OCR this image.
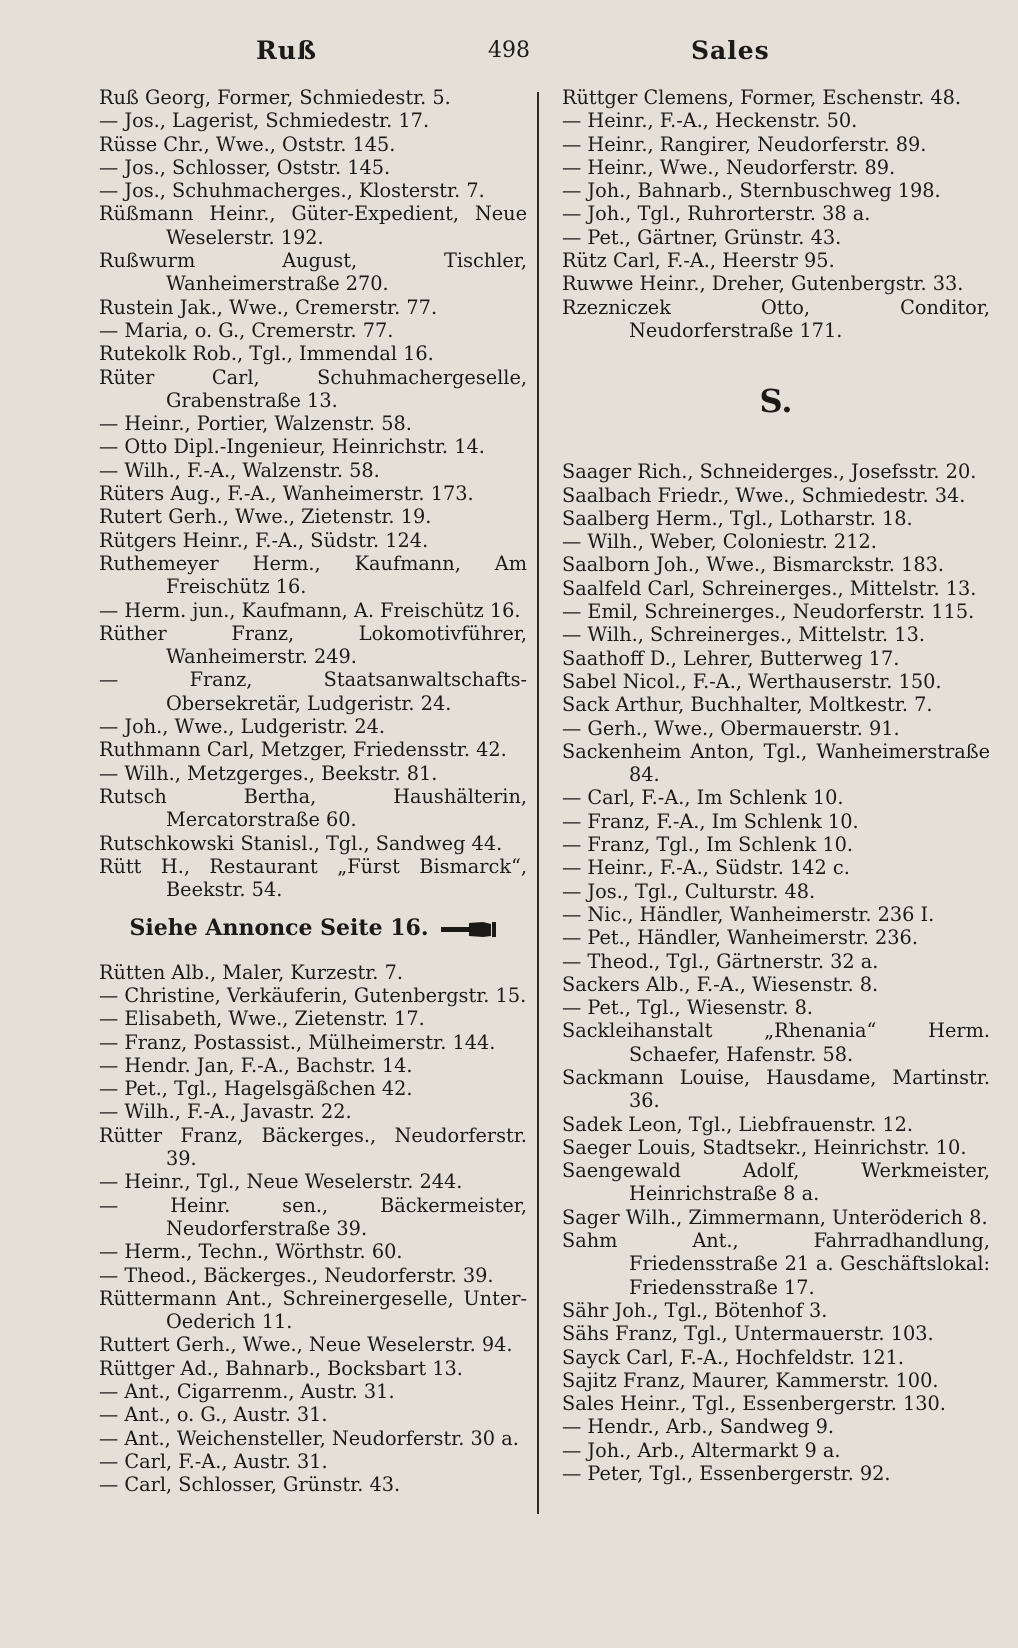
Ruß	498	Sales
Ruß Georg, Former, Schmiedestr. 5.
— Jos., Lagerist, Schmiedestr. 17.
Rüsse Chr., Wwe., Oststr. 145.
— Jos., Schlosser, Oststr. 145.
— Jos., Schuhmacherges., Klosterstr. 7.
Rüßmann Heinr., Güter-Expedient, Neue Weselerstr. 192.
Rußwurm August, Tischler, Wanheimerstraße 270.
Rustein Jak., Wwe., Cremerstr. 77.
— Maria, o. G., Cremerstr. 77.
Rutekolk Rob., Tgl., Immendal 16.
Rüter Carl, Schuhmachergeselle, Grabenstraße 13.
— Heinr., Portier, Walzenstr. 58.
— Otto Dipl.-Ingenieur, Heinrichstr. 14.
— Wilh., F.-A., Walzenstr. 58.
Rüters Aug., F.-A., Wanheimerstr. 173.
Rutert Gerh., Wwe., Zietenstr. 19.
Rütgers Heinr., F.-A., Südstr. 124.
Ruthemeyer Herm., Kaufmann, Am Freischütz 16.
— Herm. jun., Kaufmann, A. Freischütz 16.
Rüther Franz, Lokomotivführer, Wanheimerstr. 249.
— Franz, Staatsanwaltschafts-Obersekretär, Ludgeristr. 24.
— Joh., Wwe., Ludgeristr. 24.
Ruthmann Carl, Metzger, Friedensstr. 42.
— Wilh., Metzgerges., Beekstr. 81.
Rutsch Bertha, Haushälterin, Mercatorstraße 60.
Rutschkowski Stanisl., Tgl., Sandweg 44.
Rütt H., Restaurant „Fürst Bismarck“, Beekstr. 54.
Siehe Annonce Seite 16.
Rütten Alb., Maler, Kurzestr. 7.
— Christine, Verkäuferin, Gutenbergstr. 15.
— Elisabeth, Wwe., Zietenstr. 17.
— Franz, Postassist., Mülheimerstr. 144.
— Hendr. Jan, F.-A., Bachstr. 14.
— Pet., Tgl., Hagelsgäßchen 42.
— Wilh., F.-A., Javastr. 22.
Rütter Franz, Bäckerges., Neudorferstr. 39.
— Heinr., Tgl., Neue Weselerstr. 244.
— Heinr. sen., Bäckermeister, Neudorferstraße 39.
— Herm., Techn., Wörthstr. 60.
— Theod., Bäckerges., Neudorferstr. 39.
Rüttermann Ant., Schreinergeselle, Unter-Oederich 11.
Ruttert Gerh., Wwe., Neue Weselerstr. 94.
Rüttger Ad., Bahnarb., Bocksbart 13.
— Ant., Cigarrenm., Austr. 31.
— Ant., o. G., Austr. 31.
— Ant., Weichensteller, Neudorferstr. 30 a.
— Carl, F.-A., Austr. 31.
— Carl, Schlosser, Grünstr. 43.
Rüttger Clemens, Former, Eschenstr. 48.
— Heinr., F.-A., Heckenstr. 50.
— Heinr., Rangirer, Neudorferstr. 89.
— Heinr., Wwe., Neudorferstr. 89.
— Joh., Bahnarb., Sternbuschweg 198.
— Joh., Tgl., Ruhrorterstr. 38 a.
— Pet., Gärtner, Grünstr. 43.
Rütz Carl, F.-A., Heerstr 95.
Ruwwe Heinr., Dreher, Gutenbergstr. 33.
Rzezniczek Otto, Conditor, Neudorferstraße 171.
S.
Saager Rich., Schneiderges., Josefsstr. 20.
Saalbach Friedr., Wwe., Schmiedestr. 34.
Saalberg Herm., Tgl., Lotharstr. 18.
— Wilh., Weber, Coloniestr. 212.
Saalborn Joh., Wwe., Bismarckstr. 183.
Saalfeld Carl, Schreinerges., Mittelstr. 13.
— Emil, Schreinerges., Neudorferstr. 115.
— Wilh., Schreinerges., Mittelstr. 13.
Saathoff D., Lehrer, Butterweg 17.
Sabel Nicol., F.-A., Werthauserstr. 150.
Sack Arthur, Buchhalter, Moltkestr. 7.
— Gerh., Wwe., Obermauerstr. 91.
Sackenheim Anton, Tgl., Wanheimerstraße 84.
— Carl, F.-A., Im Schlenk 10.
— Franz, F.-A., Im Schlenk 10.
— Franz, Tgl., Im Schlenk 10.
— Heinr., F.-A., Südstr. 142 c.
— Jos., Tgl., Culturstr. 48.
— Nic., Händler, Wanheimerstr. 236 I.
— Pet., Händler, Wanheimerstr. 236.
— Theod., Tgl., Gärtnerstr. 32 a.
Sackers Alb., F.-A., Wiesenstr. 8.
— Pet., Tgl., Wiesenstr. 8.
Sackleihanstalt „Rhenania“ Herm. Schaefer, Hafenstr. 58.
Sackmann Louise, Hausdame, Martinstr. 36.
Sadek Leon, Tgl., Liebfrauenstr. 12.
Saeger Louis, Stadtsekr., Heinrichstr. 10.
Saengewald Adolf, Werkmeister, Heinrichstraße 8 a.
Sager Wilh., Zimmermann, Unteröderich 8.
Sahm Ant., Fahrradhandlung, Friedensstraße 21 a. Geschäftslokal: Friedensstraße 17.
Sähr Joh., Tgl., Bötenhof 3.
Sähs Franz, Tgl., Untermauerstr. 103.
Sayck Carl, F.-A., Hochfeldstr. 121.
Sajitz Franz, Maurer, Kammerstr. 100.
Sales Heinr., Tgl., Essenbergerstr. 130.
— Hendr., Arb., Sandweg 9.
— Joh., Arb., Altermarkt 9 a.
— Peter, Tgl., Essenbergerstr. 92.
